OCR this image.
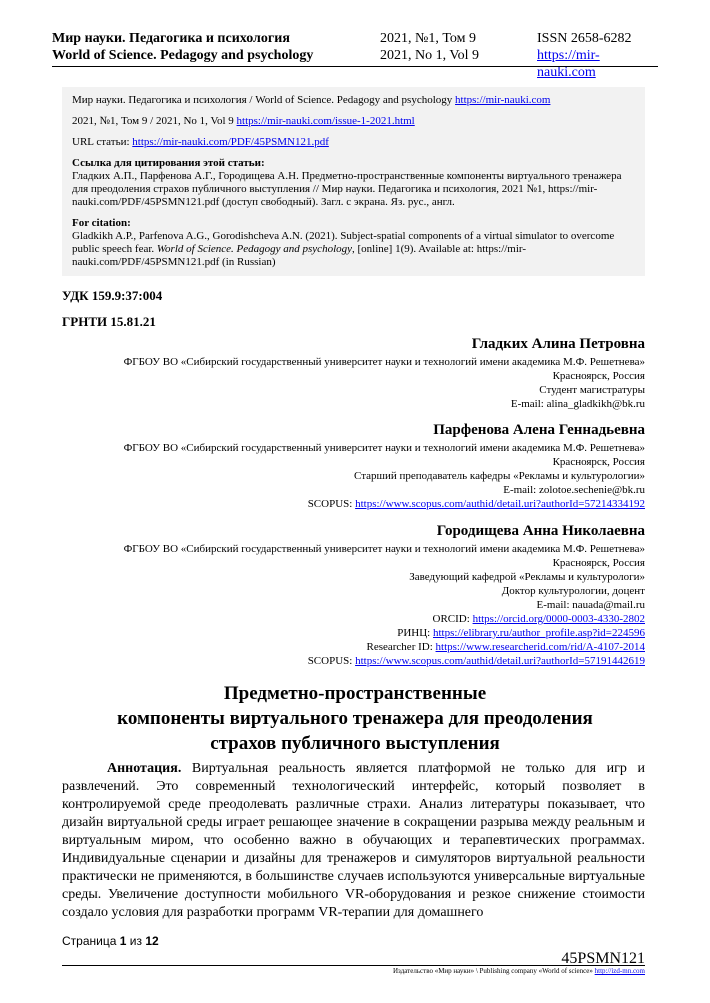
Мир науки. Педагогика и психология	2021, №1, Том 9	ISSN 2658-6282
World of Science. Pedagogy and psychology	2021, No 1, Vol 9	https://mir-nauki.com

Мир науки. Педагогика и психология / World of Science. Pedagogy and psychology https://mir-nauki.com

2021, №1, Том 9 / 2021, No 1, Vol 9 https://mir-nauki.com/issue-1-2021.html

URL статьи: https://mir-nauki.com/PDF/45PSMN121.pdf

Ссылка для цитирования этой статьи:
Гладких А.П., Парфенова А.Г., Городищева А.Н. Предметно-пространственные компоненты виртуального тренажера для преодоления страхов публичного выступления // Мир науки. Педагогика и психология, 2021 №1, https://mir-nauki.com/PDF/45PSMN121.pdf (доступ свободный). Загл. с экрана. Яз. рус., англ.

For citation:
Gladkikh A.P., Parfenova A.G., Gorodishcheva A.N. (2021). Subject-spatial components of a virtual simulator to overcome public speech fear. World of Science. Pedagogy and psychology, [online] 1(9). Available at: https://mir-nauki.com/PDF/45PSMN121.pdf (in Russian)

УДК 159.9:37:004
ГРНТИ 15.81.21
Гладких Алина Петровна
ФГБОУ ВО «Сибирский государственный университет науки и технологий имени академика М.Ф. Решетнева»
Красноярск, Россия
Студент магистратуры
E-mail: alina_gladkikh@bk.ru
Парфенова Алена Геннадьевна
ФГБОУ ВО «Сибирский государственный университет науки и технологий имени академика М.Ф. Решетнева»
Красноярск, Россия
Старший преподаватель кафедры «Рекламы и культурологии»
E-mail: zolotoe.sechenie@bk.ru
SCOPUS: https://www.scopus.com/authid/detail.uri?authorId=57214334192
Городищева Анна Николаевна
ФГБОУ ВО «Сибирский государственный университет науки и технологий имени академика М.Ф. Решетнева»
Красноярск, Россия
Заведующий кафедрой «Рекламы и культурологи»
Доктор культурологии, доцент
E-mail: nauada@mail.ru
ORCID: https://orcid.org/0000-0003-4330-2802
РИНЦ: https://elibrary.ru/author_profile.asp?id=224596
Researcher ID: https://www.researcherid.com/rid/A-4107-2014
SCOPUS: https://www.scopus.com/authid/detail.uri?authorId=57191442619
Предметно-пространственные
компоненты виртуального тренажера для преодоления
страхов публичного выступления
Аннотация. Виртуальная реальность является платформой не только для игр и развлечений. Это современный технологический интерфейс, который позволяет в контролируемой среде преодолевать различные страхи. Анализ литературы показывает, что дизайн виртуальной среды играет решающее значение в сокращении разрыва между реальным и виртуальным миром, что особенно важно в обучающих и терапевтических программах. Индивидуальные сценарии и дизайны для тренажеров и симуляторов виртуальной реальности практически не применяются, в большинстве случаев используются универсальные виртуальные среды. Увеличение доступности мобильного VR-оборудования и резкое снижение стоимости создало условия для разработки программ VR-терапии для домашнего
Страница 1 из 12
45PSMN121
Издательство «Мир науки» \ Publishing company «World of science» http://izd-mn.com
